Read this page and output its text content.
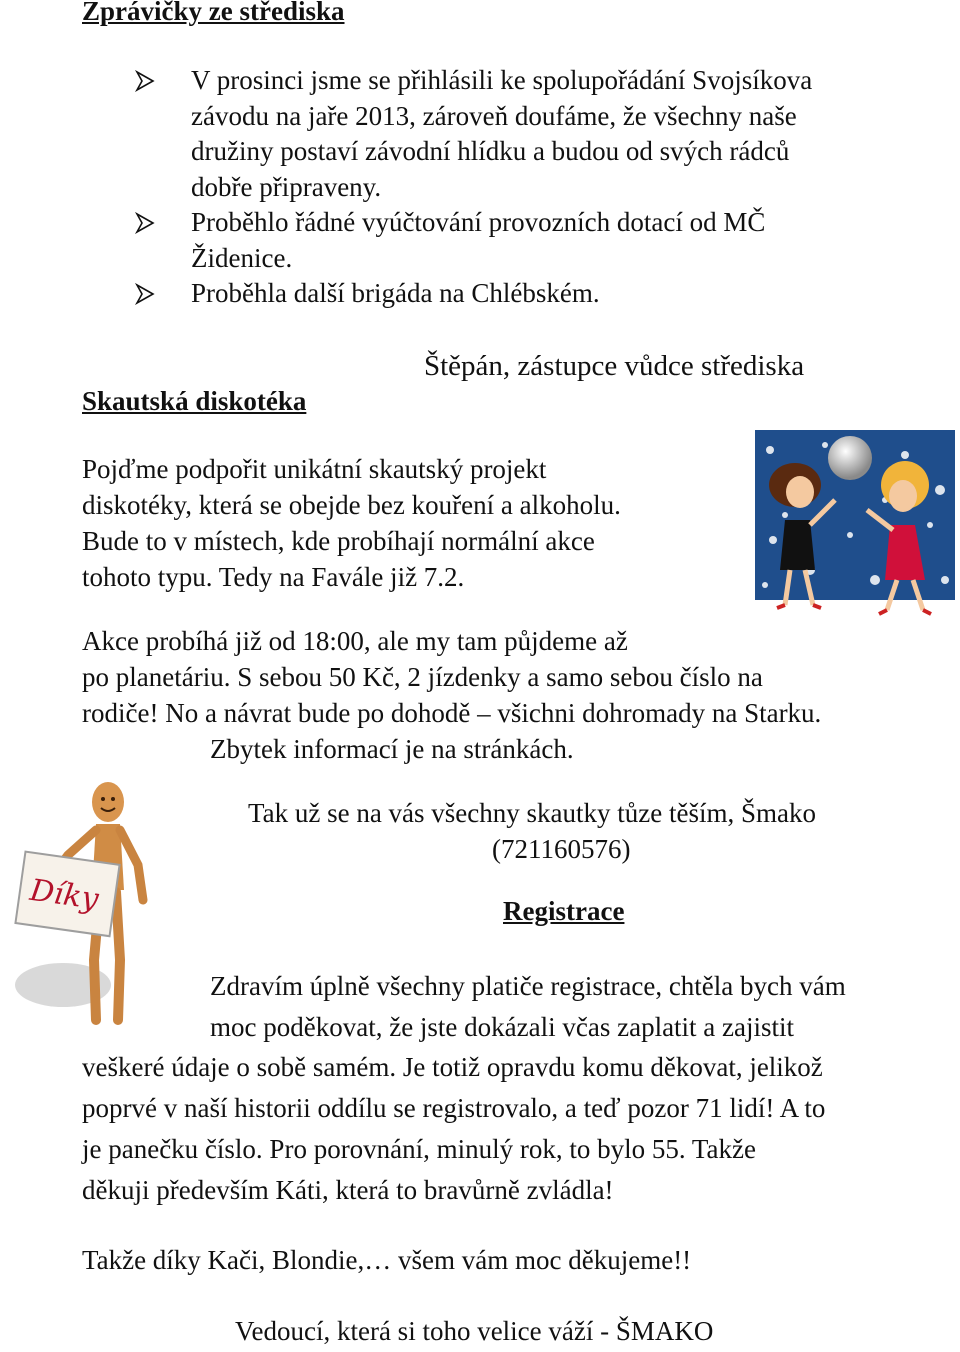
Zprávičky ze střediska
V prosinci jsme se přihlásili ke spolupořádání Svojsíkova
závodu na jaře 2013, zároveň doufáme, že všechny naše
družiny postaví závodní hlídku a budou od svých rádců
dobře připraveny.
Proběhlo řádné vyúčtování provozních dotací od MČ
Židenice.
Proběhla další brigáda na Chlébském.
Štěpán, zástupce vůdce střediska
Skautská diskotéka
Pojďme podpořit unikátní skautský projekt
diskotéky, která se obejde bez kouření a alkoholu.
Bude to v místech, kde probíhají normální akce
tohoto typu. Tedy na Favále již 7.2.
Akce probíhá již od 18:00, ale my tam půjdeme až
po planetáriu. S sebou 50 Kč, 2 jízdenky a samo sebou číslo na
rodiče! No a návrat bude po dohodě – všichni dohromady na Starku.
Zbytek informací je na stránkách.
Tak už se na vás všechny skautky tůze těším, Šmako
(721160576)
Díky	Registrace
Zdravím úplně všechny platiče registrace, chtěla bych vám
moc poděkovat, že jste dokázali včas zaplatit a zajistit
veškeré údaje o sobě samém. Je totiž opravdu komu děkovat, jelikož
poprvé v naší historii oddílu se registrovalo, a teď pozor 71 lidí! A to
je panečku číslo. Pro porovnání, minulý rok, to bylo 55. Takže
děkuji především Káti, která to bravůrně zvládla!
Takže díky Kači, Blondie,… všem vám moc děkujeme!!
Vedoucí, která si toho velice váží - ŠMAKO
